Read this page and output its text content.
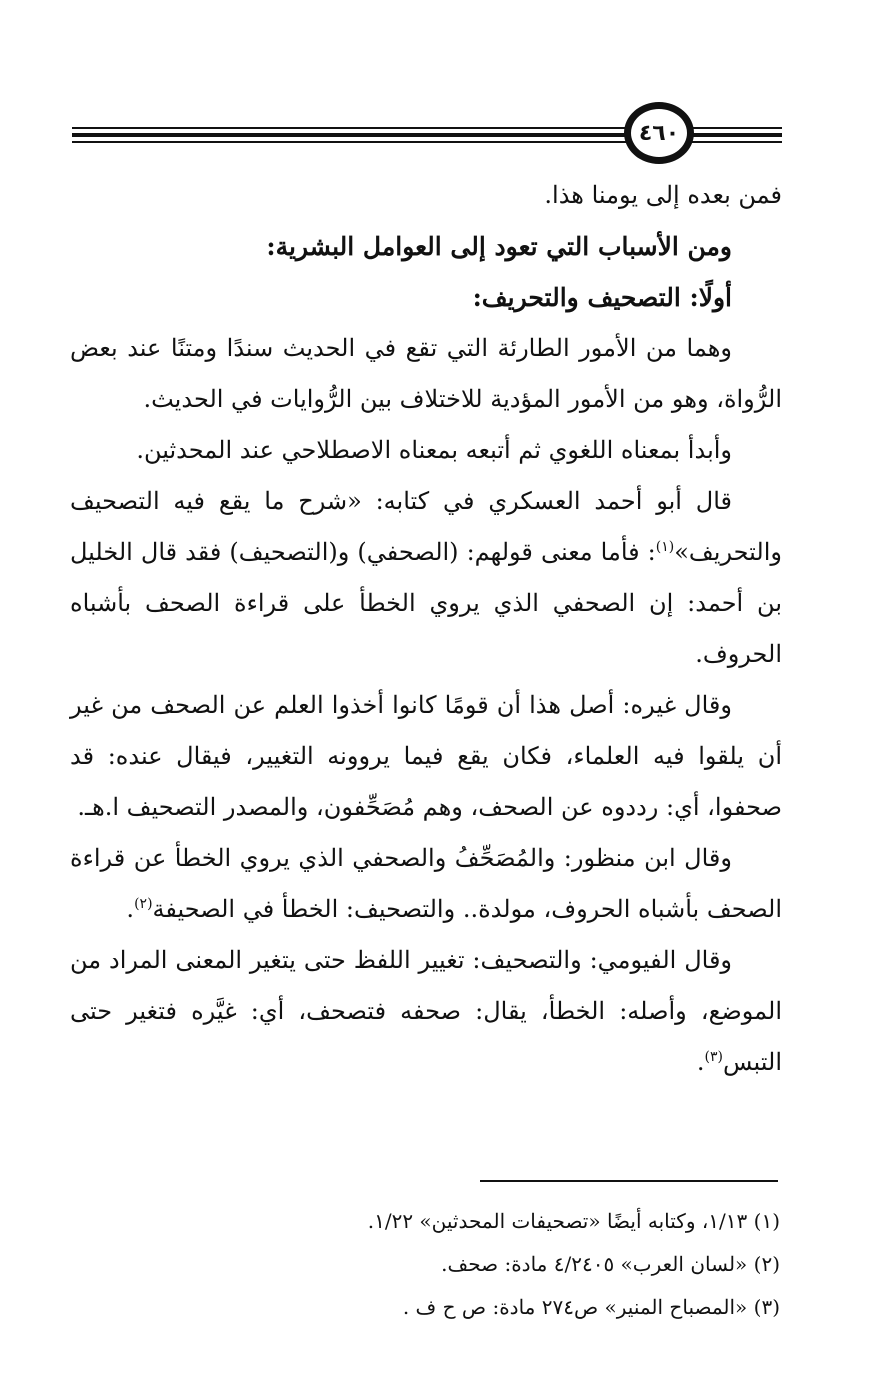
٤٦٠

فمن بعده إلى يومنا هذا.

ومن الأسباب التي تعود إلى العوامل البشرية:

أولًا: التصحيف والتحريف:

وهما من الأمور الطارئة التي تقع في الحديث سندًا ومتنًا عند بعض الرُّواة، وهو من الأمور المؤدية للاختلاف بين الرُّوايات في الحديث.

وأبدأ بمعناه اللغوي ثم أتبعه بمعناه الاصطلاحي عند المحدثين.

قال أبو أحمد العسكري في كتابه: «شرح ما يقع فيه التصحيف والتحريف»$^{(١)}$: فأما معنى قولهم: (الصحفي) و(التصحيف) فقد قال الخليل بن أحمد: إن الصحفي الذي يروي الخطأ على قراءة الصحف بأشباه الحروف.

وقال غيره: أصل هذا أن قومًا كانوا أخذوا العلم عن الصحف من غير أن يلقوا فيه العلماء، فكان يقع فيما يروونه التغيير، فيقال عنده: قد صحفوا، أي: رددوه عن الصحف، وهم مُصَحِّفون، والمصدر التصحيف ا.هـ.

وقال ابن منظور: والمُصَحِّفُ والصحفي الذي يروي الخطأ عن قراءة الصحف بأشباه الحروف، مولدة.. والتصحيف: الخطأ في الصحيفة$^{(٢)}$.

وقال الفيومي: والتصحيف: تغيير اللفظ حتى يتغير المعنى المراد من الموضع، وأصله: الخطأ، يقال: صحفه فتصحف، أي: غيَّره فتغير حتى التبس$^{(٣)}$.

(١) ١/١٣، وكتابه أيضًا «تصحيفات المحدثين» ١/٢٢.

(٢) «لسان العرب» ٤/٢٤٠٥ مادة: صحف.

(٣) «المصباح المنير» ص٢٧٤ مادة: ص ح ف .
